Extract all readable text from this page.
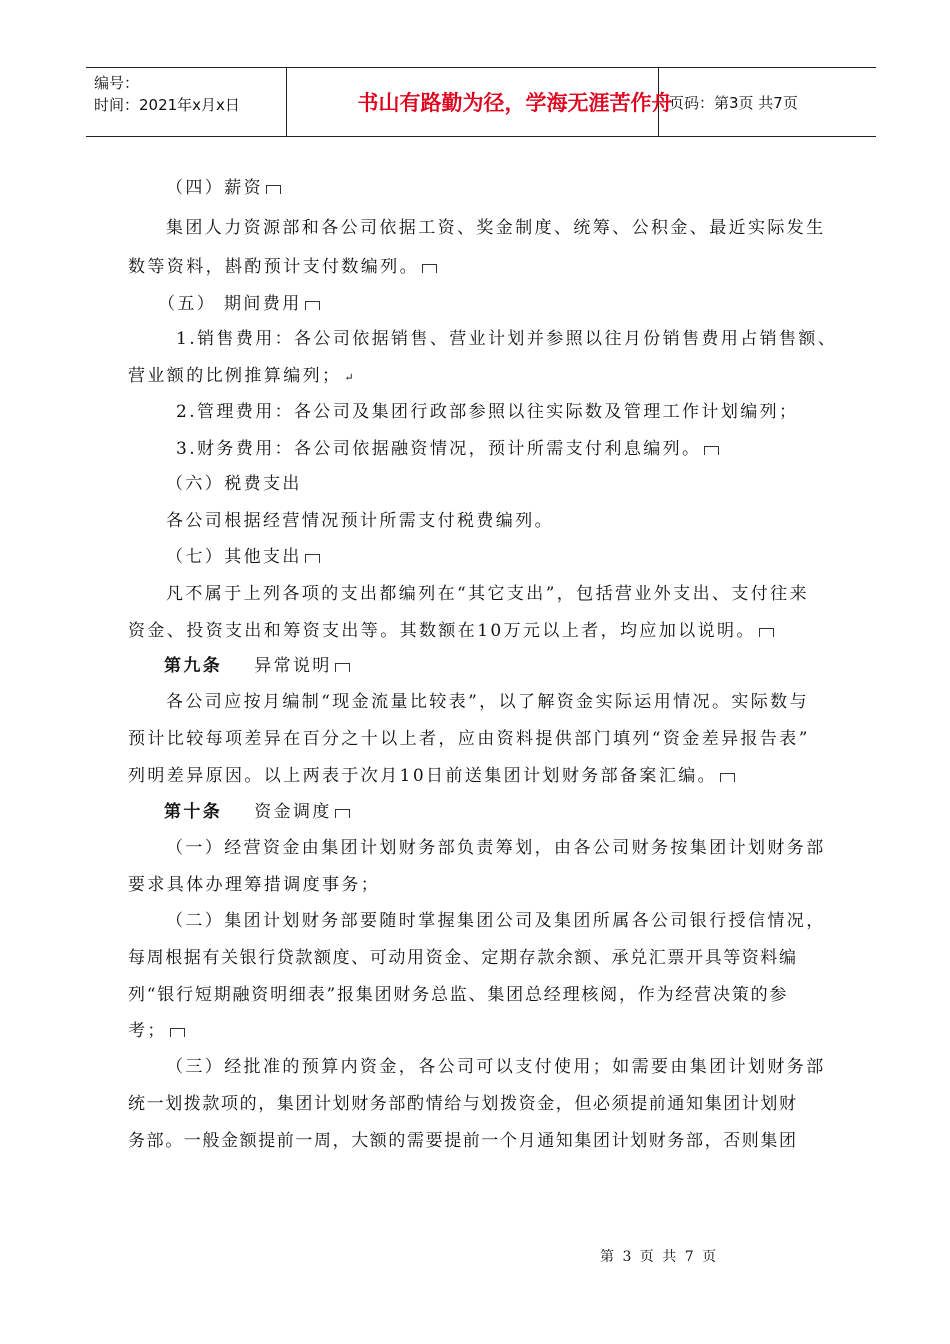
编号：
时间：2021年x月x日	书山有路勤为径，学海无涯苦作舟
页码：第3页 共7页
（四）薪资
集团人力资源部和各公司依据工资、奖金制度、统筹、公积金、最近实际发生
数等资料，斟酌预计支付数编列。
（五） 期间费用
1.销售费用：各公司依据销售、营业计划并参照以往月份销售费用占销售额、
营业额的比例推算编列； ↵
2.管理费用：各公司及集团行政部参照以往实际数及管理工作计划编列；
3.财务费用：各公司依据融资情况，预计所需支付利息编列。
（六）税费支出
各公司根据经营情况预计所需支付税费编列。
（七）其他支出
凡不属于上列各项的支出都编列在“其它支出”，包括营业外支出、支付往来
资金、投资支出和筹资支出等。其数额在10万元以上者，均应加以说明。
第九条 异常说明
各公司应按月编制“现金流量比较表”，以了解资金实际运用情况。实际数与
预计比较每项差异在百分之十以上者，应由资料提供部门填列“资金差异报告表”
列明差异原因。以上两表于次月10日前送集团计划财务部备案汇编。
第十条 资金调度
（一）经营资金由集团计划财务部负责筹划，由各公司财务按集团计划财务部
要求具体办理筹措调度事务；
（二）集团计划财务部要随时掌握集团公司及集团所属各公司银行授信情况，
每周根据有关银行贷款额度、可动用资金、定期存款余额、承兑汇票开具等资料编
列“银行短期融资明细表”报集团财务总监、集团总经理核阅，作为经营决策的参
考；
（三）经批准的预算内资金，各公司可以支付使用；如需要由集团计划财务部
统一划拨款项的，集团计划财务部酌情给与划拨资金，但必须提前通知集团计划财
务部。一般金额提前一周，大额的需要提前一个月通知集团计划财务部，否则集团
第 3 页 共 7 页
